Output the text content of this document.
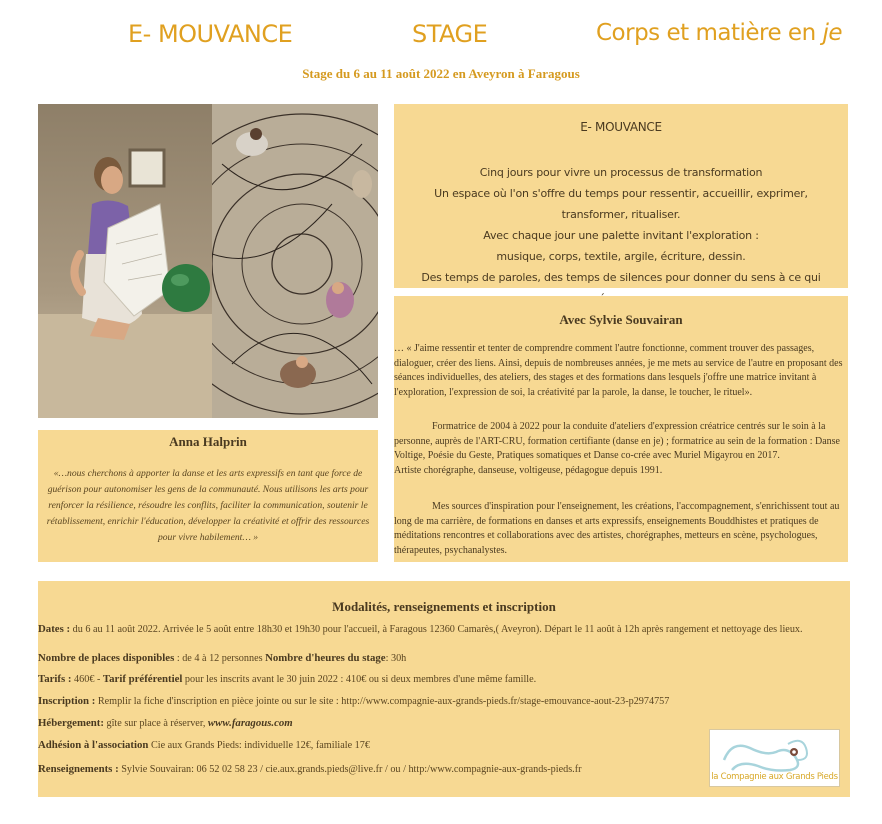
E- MOUVANCE	STAGE	Corps et matière en je
Stage du 6 au 11 août 2022 en Aveyron à Faragous
Anna Halprin
«…nous cherchons à apporter la danse et les arts expressifs en tant que force de guérison pour autonomiser les gens de la communauté. Nous utilisons les arts pour renforcer la résilience, résoudre les conflits, faciliter la communication, soutenir le rétablissement, enrichir l'éducation, développer la créativité et offrir des ressources pour vivre habilement… »
E- MOUVANCE
Cinq jours pour vivre un processus de transformation
Un espace où l'on s'offre du temps pour ressentir, accueillir, exprimer, transformer, ritualiser.
Avec chaque jour une palette invitant l'exploration :
musique, corps, textile, argile, écriture, dessin.
Des temps de paroles, des temps de silences pour donner du sens à ce qui
Avec Sylvie Souvairan
… « J'aime ressentir et tenter de comprendre comment l'autre fonctionne, comment trouver des passages, dialoguer, créer des liens. Ainsi, depuis de nombreuses années, je me mets au service de l'autre en proposant des séances individuelles, des ateliers, des stages et des formations dans lesquels j'offre une matrice invitant à l'exploration, l'expression de soi, la créativité par la parole, la danse, le toucher, le rituel».
Formatrice de 2004 à 2022 pour la conduite d'ateliers d'expression créatrice centrés sur le soin à la personne, auprès de l'ART-CRU, formation certifiante (danse en je) ; formatrice au sein de la formation : Danse Voltige, Poésie du Geste, Pratiques somatiques et Danse co-crée avec Muriel Migayrou en 2017.
Artiste chorégraphe, danseuse, voltigeuse, pédagogue depuis 1991.
Mes sources d'inspiration pour l'enseignement, les créations, l'accompagnement, s'enrichissent tout au long de ma carrière, de formations en danses et arts expressifs, enseignements Bouddhistes et pratiques de méditations rencontres et collaborations avec des artistes, chorégraphes, metteurs en scène, psychologues, thérapeutes, psychanalystes.
Modalités, renseignements et inscription
Dates : du 6 au 11 août 2022. Arrivée le 5 août entre 18h30 et 19h30 pour l'accueil, à Faragous 12360 Camarès,( Aveyron). Départ le 11 août à 12h après rangement et nettoyage des lieux.
Nombre de places disponibles : de 4 à 12 personnes Nombre d'heures du stage: 30h
Tarifs : 460€ - Tarif préférentiel pour les inscrits avant le 30 juin 2022 : 410€ ou si deux membres d'une même famille.
Inscription : Remplir la fiche d'inscription en pièce jointe ou sur le site : http://www.compagnie-aux-grands-pieds.fr/stage-emouvance-aout-23-p2974757
Hébergement: gîte sur place à réserver, www.faragous.com
Adhésion à l'association Cie aux Grands Pieds: individuelle 12€, familiale 17€
Renseignements : Sylvie Souvairan: 06 52 02 58 23 / cie.aux.grands.pieds@live.fr / ou / http:/www.compagnie-aux-grands-pieds.fr
la Compagnie aux Grands Pieds
